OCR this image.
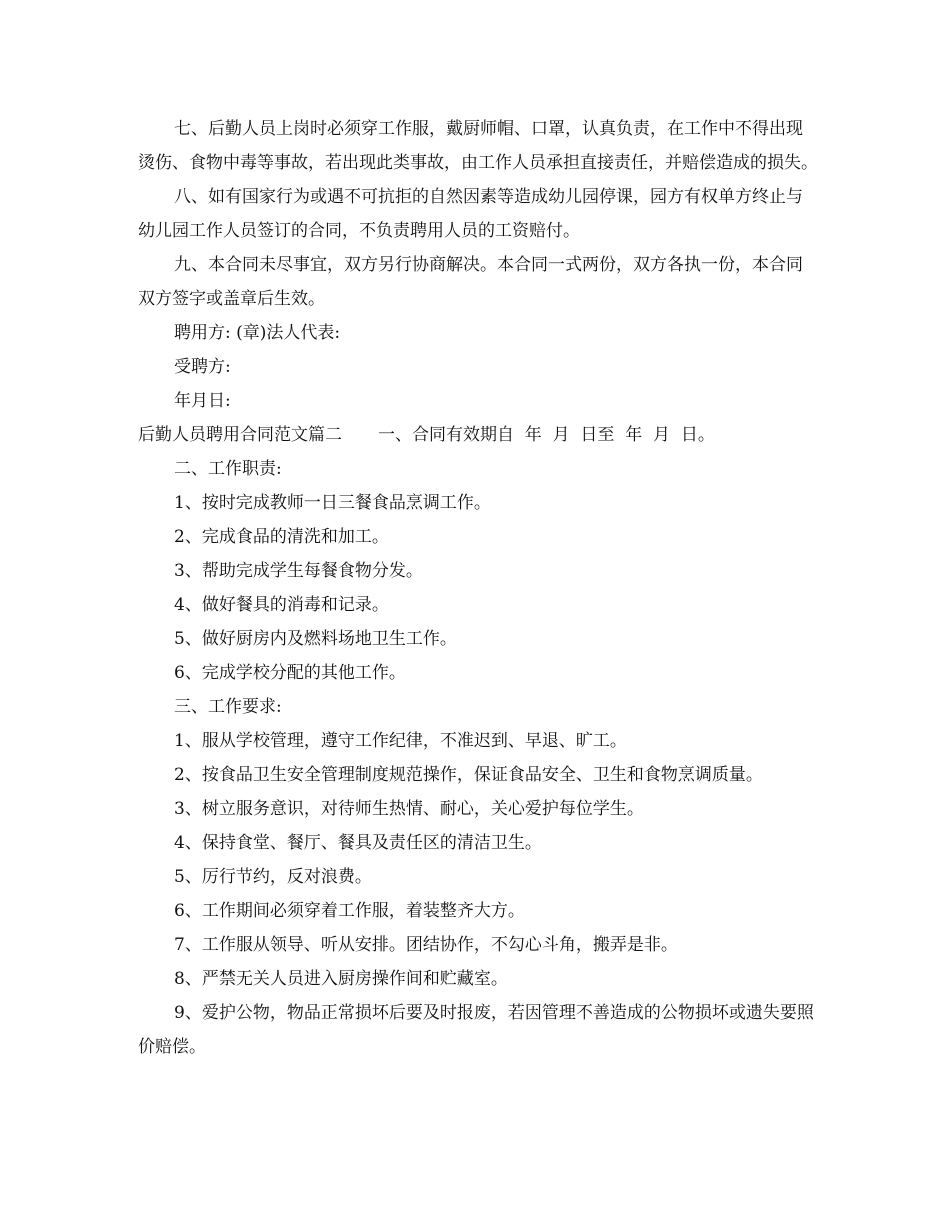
七、后勤人员上岗时必须穿工作服，戴厨师帽、口罩，认真负责，在工作中不得出现烫伤、食物中毒等事故，若出现此类事故，由工作人员承担直接责任，并赔偿造成的损失。

八、如有国家行为或遇不可抗拒的自然因素等造成幼儿园停课，园方有权单方终止与幼儿园工作人员签订的合同，不负责聘用人员的工资赔付。

九、本合同未尽事宜，双方另行协商解决。本合同一式两份，双方各执一份，本合同双方签字或盖章后生效。

聘用方: (章)法人代表:

受聘方:

年月日:

后勤人员聘用合同范文篇二 一、合同有效期自  年  月  日至  年  月  日。

二、工作职责:

1、按时完成教师一日三餐食品烹调工作。

2、完成食品的清洗和加工。

3、帮助完成学生每餐食物分发。

4、做好餐具的消毒和记录。

5、做好厨房内及燃料场地卫生工作。

6、完成学校分配的其他工作。

三、工作要求:

1、服从学校管理，遵守工作纪律，不准迟到、早退、旷工。

2、按食品卫生安全管理制度规范操作，保证食品安全、卫生和食物烹调质量。

3、树立服务意识，对待师生热情、耐心，关心爱护每位学生。

4、保持食堂、餐厅、餐具及责任区的清洁卫生。

5、厉行节约，反对浪费。

6、工作期间必须穿着工作服，着装整齐大方。

7、工作服从领导、听从安排。团结协作，不勾心斗角，搬弄是非。

8、严禁无关人员进入厨房操作间和贮藏室。

9、爱护公物，物品正常损坏后要及时报废，若因管理不善造成的公物损坏或遗失要照价赔偿。
